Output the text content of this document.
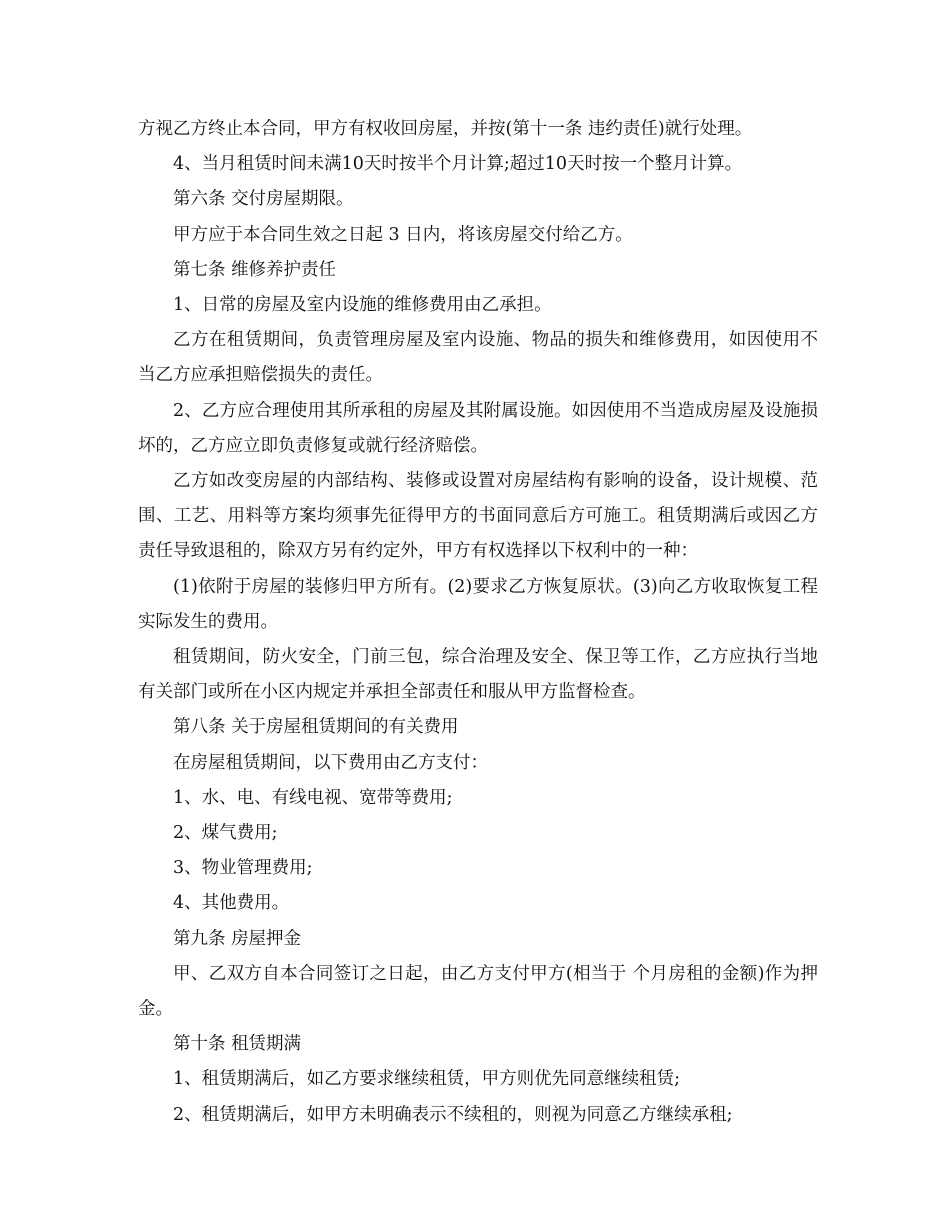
方视乙方终止本合同，甲方有权收回房屋，并按(第十一条 违约责任)就行处理。

4、当月租赁时间未满10天时按半个月计算;超过10天时按一个整月计算。

第六条 交付房屋期限。

甲方应于本合同生效之日起 3 日内，将该房屋交付给乙方。

第七条 维修养护责任

1、日常的房屋及室内设施的维修费用由乙承担。

乙方在租赁期间，负责管理房屋及室内设施、物品的损失和维修费用，如因使用不当乙方应承担赔偿损失的责任。

2、乙方应合理使用其所承租的房屋及其附属设施。如因使用不当造成房屋及设施损坏的，乙方应立即负责修复或就行经济赔偿。

乙方如改变房屋的内部结构、装修或设置对房屋结构有影响的设备，设计规模、范围、工艺、用料等方案均须事先征得甲方的书面同意后方可施工。租赁期满后或因乙方责任导致退租的，除双方另有约定外，甲方有权选择以下权利中的一种：

(1)依附于房屋的装修归甲方所有。(2)要求乙方恢复原状。(3)向乙方收取恢复工程实际发生的费用。

租赁期间，防火安全，门前三包，综合治理及安全、保卫等工作，乙方应执行当地有关部门或所在小区内规定并承担全部责任和服从甲方监督检查。

第八条 关于房屋租赁期间的有关费用

在房屋租赁期间，以下费用由乙方支付：

1、水、电、有线电视、宽带等费用;

2、煤气费用;

3、物业管理费用;

4、其他费用。

第九条 房屋押金

甲、乙双方自本合同签订之日起，由乙方支付甲方(相当于 个月房租的金额)作为押金。

第十条 租赁期满

1、租赁期满后，如乙方要求继续租赁，甲方则优先同意继续租赁;

2、租赁期满后，如甲方未明确表示不续租的，则视为同意乙方继续承租;
